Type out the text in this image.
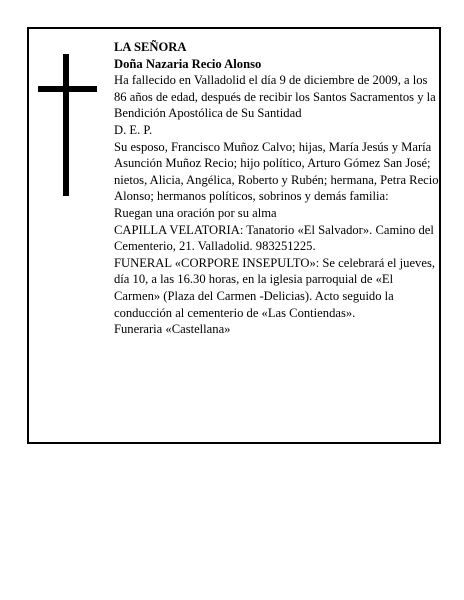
LA SEÑORA

Doña Nazaria Recio Alonso

Ha fallecido en Valladolid el día 9 de diciembre de 2009, a los 86 años de edad, después de recibir los Santos Sacramentos y la Bendición Apostólica de Su Santidad

D. E. P.

Su esposo, Francisco Muñoz Calvo; hijas, María Jesús y María Asunción Muñoz Recio; hijo político, Arturo Gómez San José; nietos, Alicia, Angélica, Roberto y Rubén; hermana, Petra Recio Alonso; hermanos políticos, sobrinos y demás familia:

Ruegan una oración por su alma

CAPILLA VELATORIA: Tanatorio «El Salvador». Camino del Cementerio, 21. Valladolid. 983251225.

FUNERAL «CORPORE INSEPULTO»: Se celebrará el jueves, día 10, a las 16.30 horas, en la iglesia parroquial de «El Carmen» (Plaza del Carmen -Delicias). Acto seguido la conducción al cementerio de «Las Contiendas».

Funeraria «Castellana»
